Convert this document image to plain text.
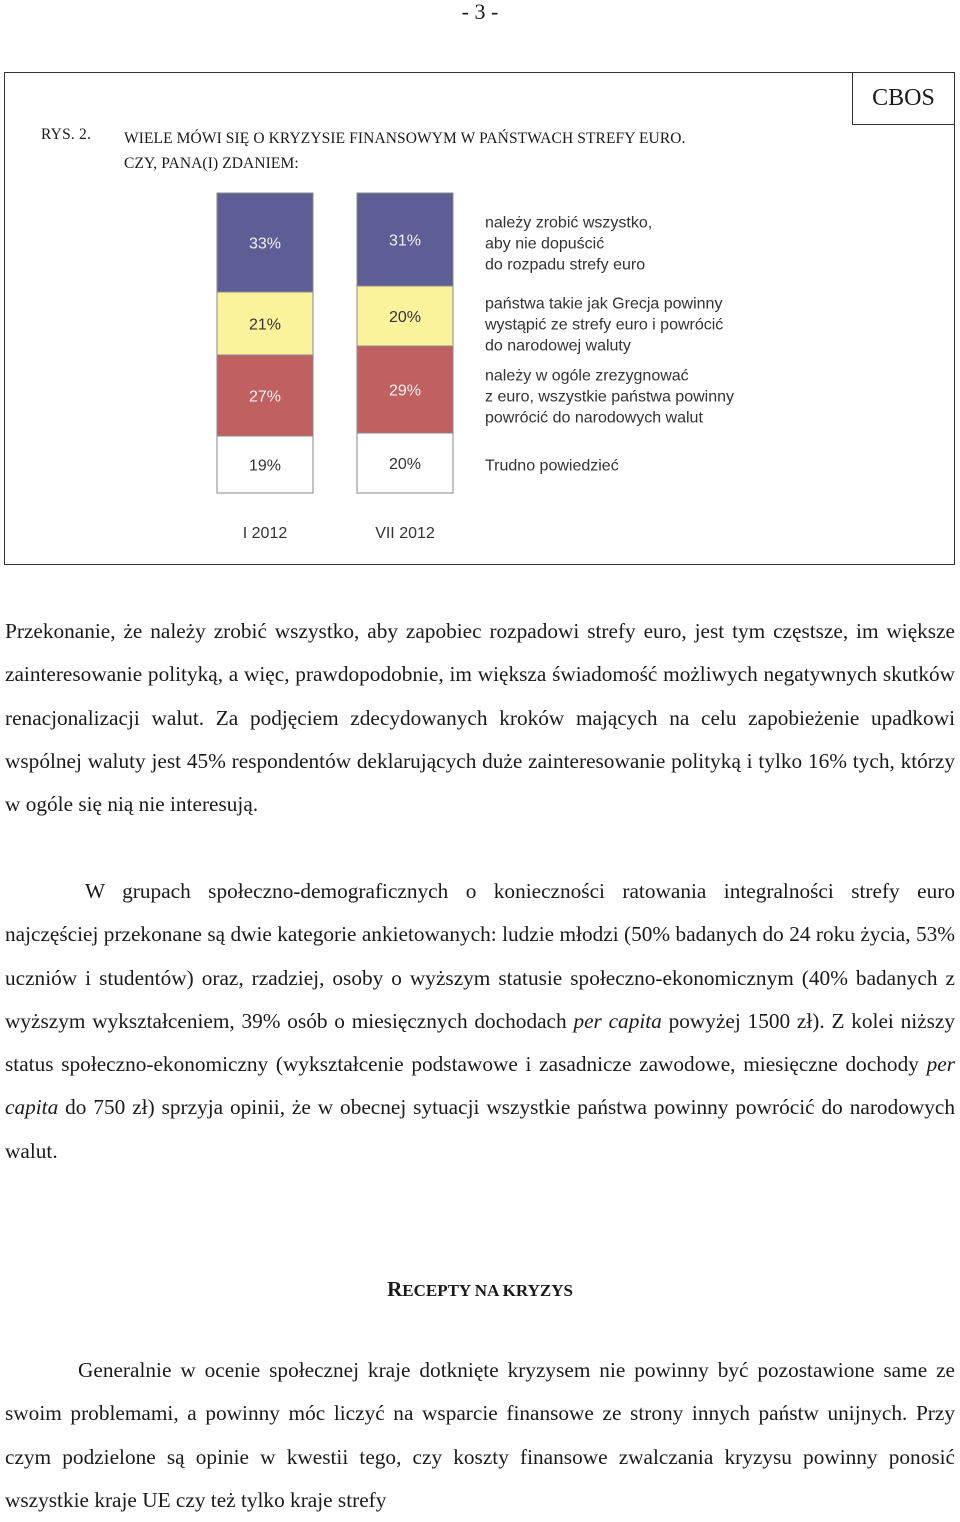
- 3 -
CBOS
RYS. 2. WIELE MÓWI SIĘ O KRYZYSIE FINANSOWYM W PAŃSTWACH STREFY EURO.
CZY, PANA(I) ZDANIEM:
33%
21%
27%
19%
I 2012
31%
20%
29%
20%
VII 2012
należy zrobić wszystko,
aby nie dopuścić
do rozpadu strefy euro
państwa takie jak Grecja powinny
wystąpić ze strefy euro i powrócić
do narodowej waluty
należy w ogóle zrezygnować
z euro, wszystkie państwa powinny
powrócić do narodowych walut
Trudno powiedzieć

Przekonanie, że należy zrobić wszystko, aby zapobiec rozpadowi strefy euro, jest tym częstsze, im większe zainteresowanie polityką, a więc, prawdopodobnie, im większa świadomość możliwych negatywnych skutków renacjonalizacji walut. Za podjęciem zdecydowanych kroków mających na celu zapobieżenie upadkowi wspólnej waluty jest 45% respondentów deklarujących duże zainteresowanie polityką i tylko 16% tych, którzy w ogóle się nią nie interesują.

W grupach społeczno-demograficznych o konieczności ratowania integralności strefy euro najczęściej przekonane są dwie kategorie ankietowanych: ludzie młodzi (50% badanych do 24 roku życia, 53% uczniów i studentów) oraz, rzadziej, osoby o wyższym statusie społeczno-ekonomicznym (40% badanych z wyższym wykształceniem, 39% osób o miesięcznych dochodach per capita powyżej 1500 zł). Z kolei niższy status społeczno-ekonomiczny (wykształcenie podstawowe i zasadnicze zawodowe, miesięczne dochody per capita do 750 zł) sprzyja opinii, że w obecnej sytuacji wszystkie państwa powinny powrócić do narodowych walut.

RECEPTY NA KRYZYS

Generalnie w ocenie społecznej kraje dotknięte kryzysem nie powinny być pozostawione same ze swoim problemami, a powinny móc liczyć na wsparcie finansowe ze strony innych państw unijnych. Przy czym podzielone są opinie w kwestii tego, czy koszty finansowe zwalczania kryzysu powinny ponosić wszystkie kraje UE czy też tylko kraje strefy
